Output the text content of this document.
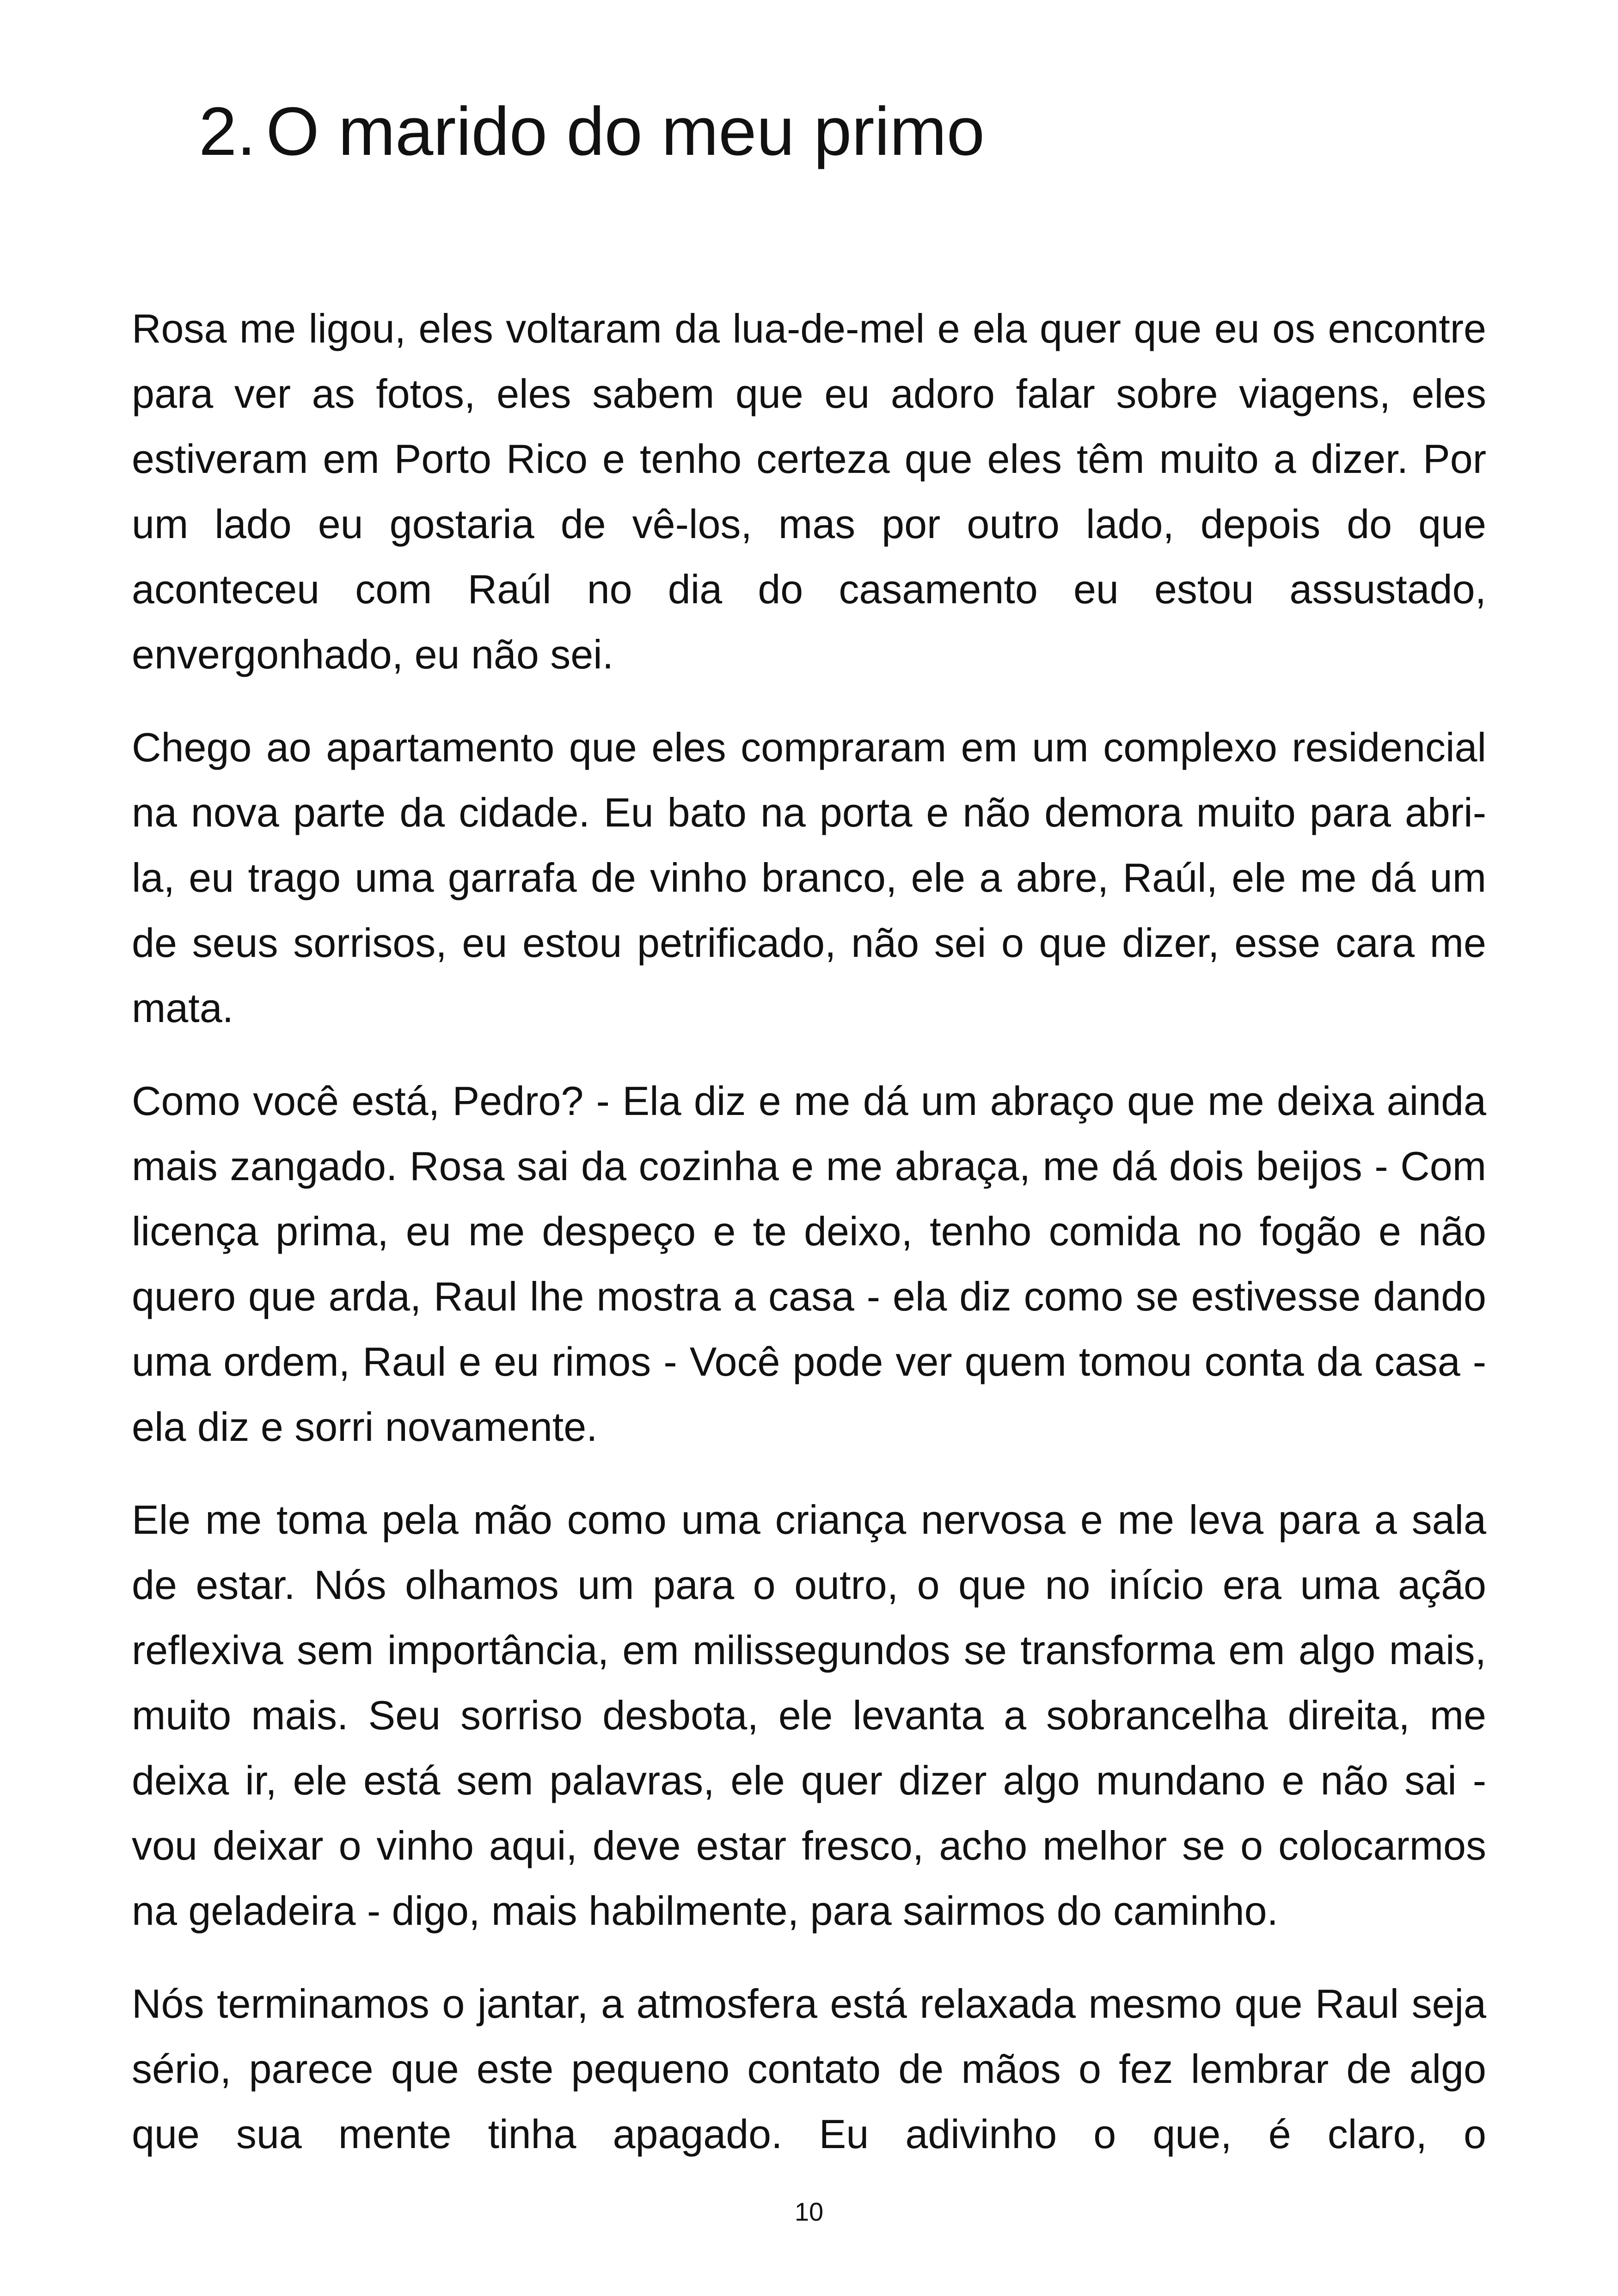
2. O marido do meu primo

Rosa me ligou, eles voltaram da lua-de-mel e ela quer que eu os encontre para ver as fotos, eles sabem que eu adoro falar sobre viagens, eles estiveram em Porto Rico e tenho certeza que eles têm muito a dizer. Por um lado eu gostaria de vê-los, mas por outro lado, depois do que aconteceu com Raúl no dia do casamento eu estou assustado, envergonhado, eu não sei.

Chego ao apartamento que eles compraram em um complexo residencial na nova parte da cidade. Eu bato na porta e não demora muito para abri-la, eu trago uma garrafa de vinho branco, ele a abre, Raúl, ele me dá um de seus sorrisos, eu estou petrificado, não sei o que dizer, esse cara me mata.

Como você está, Pedro? - Ela diz e me dá um abraço que me deixa ainda mais zangado. Rosa sai da cozinha e me abraça, me dá dois beijos - Com licença prima, eu me despeço e te deixo, tenho comida no fogão e não quero que arda, Raul lhe mostra a casa - ela diz como se estivesse dando uma ordem, Raul e eu rimos - Você pode ver quem tomou conta da casa - ela diz e sorri novamente.

Ele me toma pela mão como uma criança nervosa e me leva para a sala de estar. Nós olhamos um para o outro, o que no início era uma ação reflexiva sem importância, em milissegundos se transforma em algo mais, muito mais. Seu sorriso desbota, ele levanta a sobrancelha direita, me deixa ir, ele está sem palavras, ele quer dizer algo mundano e não sai - vou deixar o vinho aqui, deve estar fresco, acho melhor se o colocarmos na geladeira - digo, mais habilmente, para sairmos do caminho.

Nós terminamos o jantar, a atmosfera está relaxada mesmo que Raul seja sério, parece que este pequeno contato de mãos o fez lembrar de algo que sua mente tinha apagado. Eu adivinho o que, é claro, o

10
